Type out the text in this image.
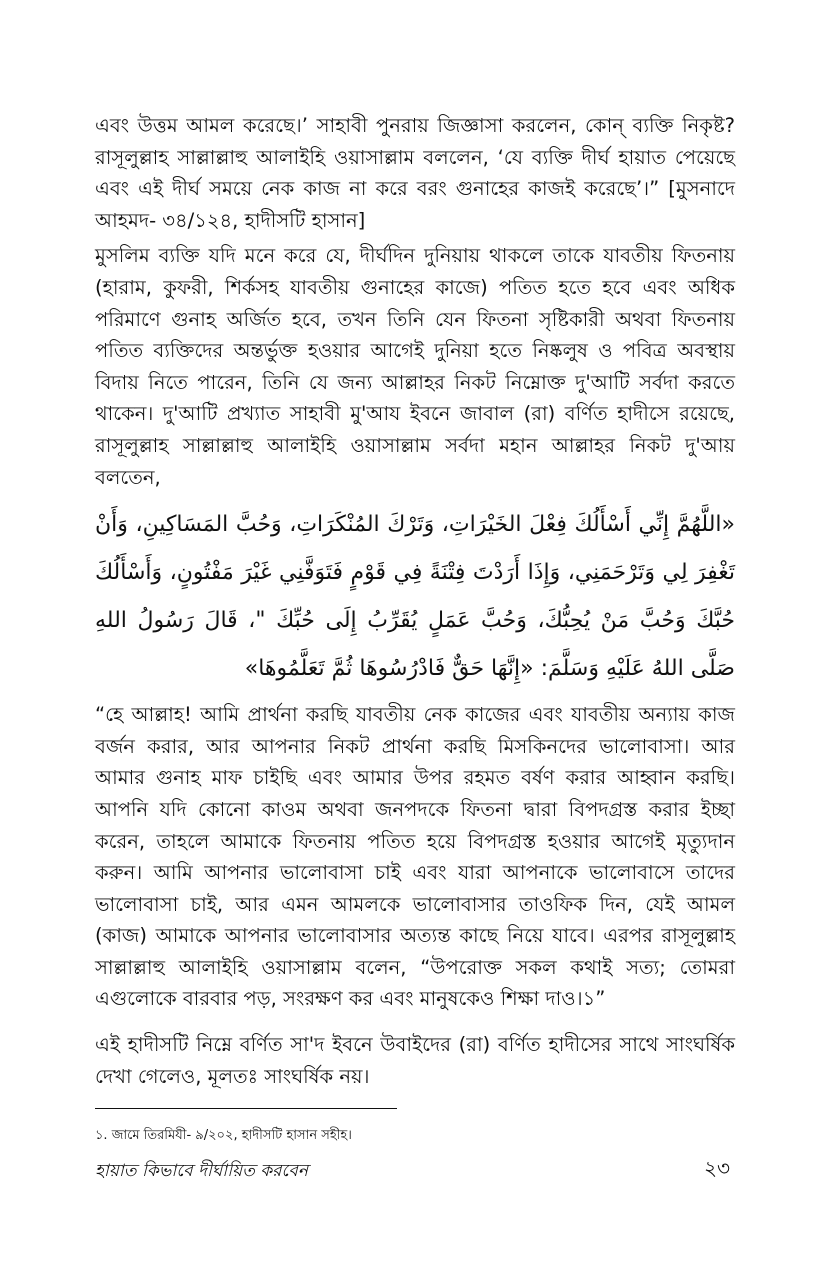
এবং উত্তম আমল করেছে।’ সাহাবী পুনরায় জিজ্ঞাসা করলেন, কোন্ ব্যক্তি নিকৃষ্ট? রাসূলুল্লাহ সাল্লাল্লাহু আলাইহি ওয়াসাল্লাম বললেন, ‘যে ব্যক্তি দীর্ঘ হায়াত পেয়েছে এবং এই দীর্ঘ সময়ে নেক কাজ না করে বরং গুনাহের কাজই করেছে’।” [মুসনাদে আহমদ- ৩৪/১২৪, হাদীসটি হাসান]

মুসলিম ব্যক্তি যদি মনে করে যে, দীর্ঘদিন দুনিয়ায় থাকলে তাকে যাবতীয় ফিতনায় (হারাম, কুফরী, শির্কসহ যাবতীয় গুনাহের কাজে) পতিত হতে হবে এবং অধিক পরিমাণে গুনাহ অর্জিত হবে, তখন তিনি যেন ফিতনা সৃষ্টিকারী অথবা ফিতনায় পতিত ব্যক্তিদের অন্তর্ভুক্ত হওয়ার আগেই দুনিয়া হতে নিষ্কলুষ ও পবিত্র অবস্থায় বিদায় নিতে পারেন, তিনি যে জন্য আল্লাহর নিকট নিম্নোক্ত দু'আটি সর্বদা করতে থাকেন। দু'আটি প্রখ্যাত সাহাবী মু'আয ইবনে জাবাল (রা) বর্ণিত হাদীসে রয়েছে, রাসূলুল্লাহ সাল্লাল্লাহু আলাইহি ওয়াসাল্লাম সর্বদা মহান আল্লাহর নিকট দু'আয় বলতেন,

«اللَّهُمَّ إِنِّي أَسْأَلُكَ فِعْلَ الخَيْرَاتِ، وَتَرْكَ المُنْكَرَاتِ، وَحُبَّ المَسَاكِينِ، وَأَنْ تَغْفِرَ لِي وَتَرْحَمَنِي، وَإِذَا أَرَدْتَ فِتْنَةً فِي قَوْمٍ فَتَوَفَّنِي غَيْرَ مَفْتُونٍ، وَأَسْأَلُكَ حُبَّكَ وَحُبَّ مَنْ يُحِبُّكَ، وَحُبَّ عَمَلٍ يُقَرِّبُ إِلَى حُبِّكَ "، قَالَ رَسُولُ اللهِ صَلَّى اللهُ عَلَيْهِ وَسَلَّمَ: «إِنَّهَا حَقٌّ فَادْرُسُوهَا ثُمَّ تَعَلَّمُوهَا»

“হে আল্লাহ! আমি প্রার্থনা করছি যাবতীয় নেক কাজের এবং যাবতীয় অন্যায় কাজ বর্জন করার, আর আপনার নিকট প্রার্থনা করছি মিসকিনদের ভালোবাসা। আর আমার গুনাহ মাফ চাইছি এবং আমার উপর রহমত বর্ষণ করার আহ্বান করছি। আপনি যদি কোনো কাওম অথবা জনপদকে ফিতনা দ্বারা বিপদগ্রস্ত করার ইচ্ছা করেন, তাহলে আমাকে ফিতনায় পতিত হয়ে বিপদগ্রস্ত হওয়ার আগেই মৃত্যুদান করুন। আমি আপনার ভালোবাসা চাই এবং যারা আপনাকে ভালোবাসে তাদের ভালোবাসা চাই, আর এমন আমলকে ভালোবাসার তাওফিক দিন, যেই আমল (কাজ) আমাকে আপনার ভালোবাসার অত্যন্ত কাছে নিয়ে যাবে। এরপর রাসূলুল্লাহ সাল্লাল্লাহু আলাইহি ওয়াসাল্লাম বলেন, “উপরোক্ত সকল কথাই সত্য; তোমরা এগুলোকে বারবার পড়, সংরক্ষণ কর এবং মানুষকেও শিক্ষা দাও।১”

এই হাদীসটি নিম্নে বর্ণিত সা'দ ইবনে উবাইদের (রা) বর্ণিত হাদীসের সাথে সাংঘর্ষিক দেখা গেলেও, মূলতঃ সাংঘর্ষিক নয়।

১. জামে তিরমিযী- ৯/২০২, হাদীসটি হাসান সহীহ।
হায়াত কিভাবে দীর্ঘায়িত করবেন	২৩
